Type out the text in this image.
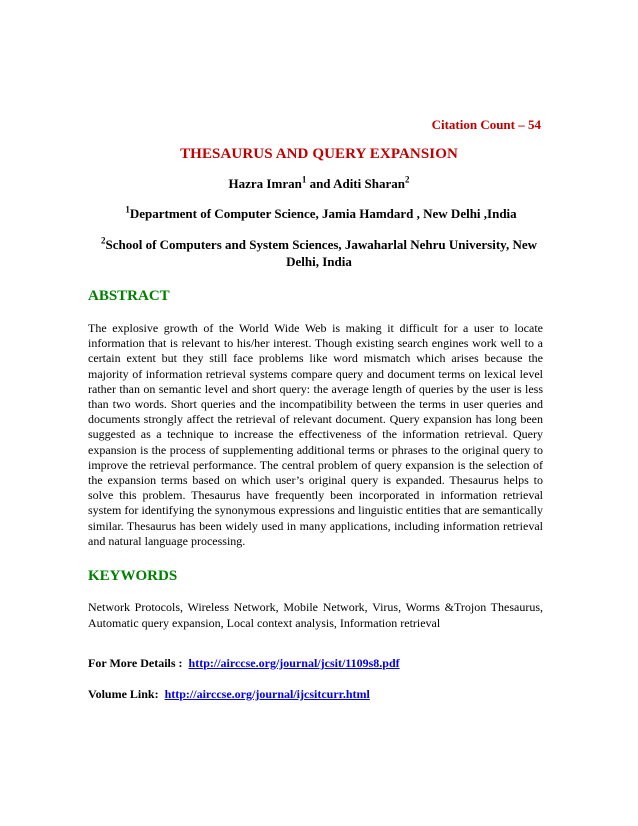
Citation Count – 54
THESAURUS AND QUERY EXPANSION
Hazra Imran$^1$ and Aditi Sharan$^2$
$^1$Department of Computer Science, Jamia Hamdard , New Delhi ,India
$^2$School of Computers and System Sciences, Jawaharlal Nehru University, New Delhi, India
ABSTRACT
The explosive growth of the World Wide Web is making it difficult for a user to locate information that is relevant to his/her interest. Though existing search engines work well to a certain extent but they still face problems like word mismatch which arises because the majority of information retrieval systems compare query and document terms on lexical level rather than on semantic level and short query: the average length of queries by the user is less than two words. Short queries and the incompatibility between the terms in user queries and documents strongly affect the retrieval of relevant document. Query expansion has long been suggested as a technique to increase the effectiveness of the information retrieval. Query expansion is the process of supplementing additional terms or phrases to the original query to improve the retrieval performance. The central problem of query expansion is the selection of the expansion terms based on which user’s original query is expanded. Thesaurus helps to solve this problem. Thesaurus have frequently been incorporated in information retrieval system for identifying the synonymous expressions and linguistic entities that are semantically similar. Thesaurus has been widely used in many applications, including information retrieval and natural language processing.
KEYWORDS
Network Protocols, Wireless Network, Mobile Network, Virus, Worms &Trojon Thesaurus, Automatic query expansion, Local context analysis, Information retrieval
For More Details : http://airccse.org/journal/jcsit/1109s8.pdf
Volume Link: http://airccse.org/journal/ijcsitcurr.html
